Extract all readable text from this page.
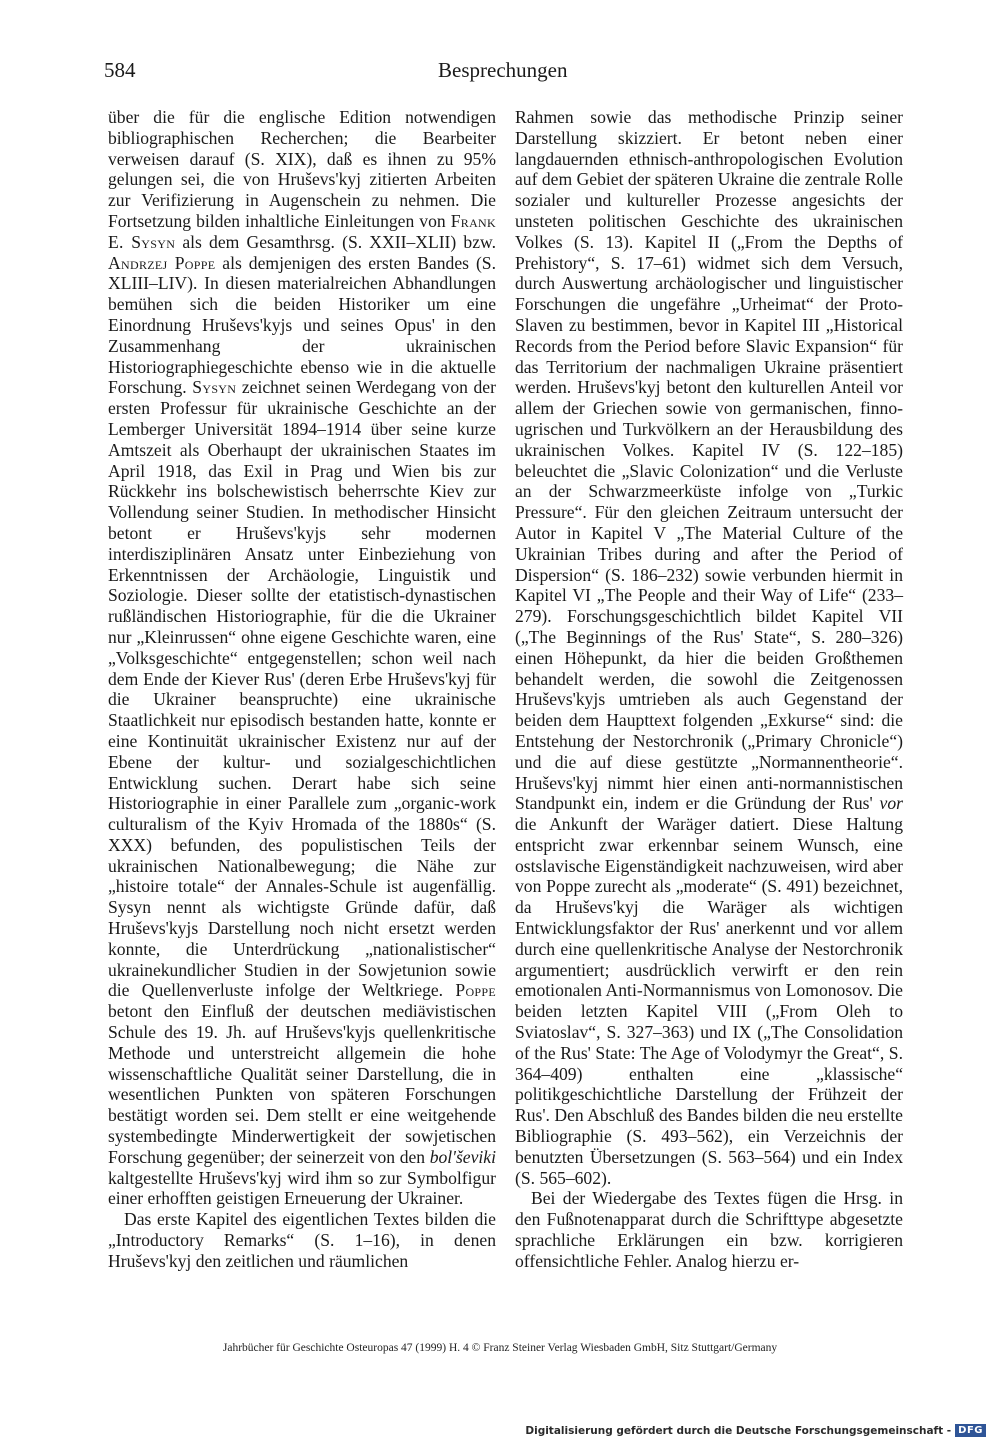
584	Besprechungen

über die für die englische Edition notwendigen bibliographischen Recherchen; die Bearbeiter verweisen darauf (S. XIX), daß es ihnen zu 95% gelungen sei, die von Hruševs'kyj zitierten Arbeiten zur Verifizierung in Augenschein zu nehmen. Die Fortsetzung bilden inhaltliche Einleitungen von Frank E. Sysyn als dem Gesamthrsg. (S. XXII–XLII) bzw. Andrzej Poppe als demjenigen des ersten Bandes (S. XLIII–LIV). In diesen materialreichen Abhandlungen bemühen sich die beiden Historiker um eine Einordnung Hruševs'kyjs und seines Opus' in den Zusammenhang der ukrainischen Historiographiegeschichte ebenso wie in die aktuelle Forschung. Sysyn zeichnet seinen Werdegang von der ersten Professur für ukrainische Geschichte an der Lemberger Universität 1894–1914 über seine kurze Amtszeit als Oberhaupt der ukrainischen Staates im April 1918, das Exil in Prag und Wien bis zur Rückkehr ins bolschewistisch beherrschte Kiev zur Vollendung seiner Studien. In methodischer Hinsicht betont er Hruševs'kyjs sehr modernen interdisziplinären Ansatz unter Einbeziehung von Erkenntnissen der Archäologie, Linguistik und Soziologie. Dieser sollte der etatistisch-dynastischen rußländischen Historiographie, für die die Ukrainer nur „Kleinrussen“ ohne eigene Geschichte waren, eine „Volksgeschichte“ entgegenstellen; schon weil nach dem Ende der Kiever Rus' (deren Erbe Hruševs'kyj für die Ukrainer beanspruchte) eine ukrainische Staatlichkeit nur episodisch bestanden hatte, konnte er eine Kontinuität ukrainischer Existenz nur auf der Ebene der kultur- und sozialgeschichtlichen Entwicklung suchen. Derart habe sich seine Historiographie in einer Parallele zum „organic-work culturalism of the Kyiv Hromada of the 1880s“ (S. XXX) befunden, des populistischen Teils der ukrainischen Nationalbewegung; die Nähe zur „histoire totale“ der Annales-Schule ist augenfällig. Sysyn nennt als wichtigste Gründe dafür, daß Hruševs'kyjs Darstellung noch nicht ersetzt werden konnte, die Unterdrückung „nationalistischer“ ukrainekundlicher Studien in der Sowjetunion sowie die Quellenverluste infolge der Weltkriege. Poppe betont den Einfluß der deutschen mediävistischen Schule des 19. Jh. auf Hruševs'kyjs quellenkritische Methode und unterstreicht allgemein die hohe wissenschaftliche Qualität seiner Darstellung, die in wesentlichen Punkten von späteren Forschungen bestätigt worden sei. Dem stellt er eine weitgehende systembedingte Minderwertigkeit der sowjetischen Forschung gegenüber; der seinerzeit von den bol'ševiki kaltgestellte Hruševs'kyj wird ihm so zur Symbolfigur einer erhofften geistigen Erneuerung der Ukrainer.

Das erste Kapitel des eigentlichen Textes bilden die „Introductory Remarks“ (S. 1–16), in denen Hruševs'kyj den zeitlichen und räumlichen

Rahmen sowie das methodische Prinzip seiner Darstellung skizziert. Er betont neben einer langdauernden ethnisch-anthropologischen Evolution auf dem Gebiet der späteren Ukraine die zentrale Rolle sozialer und kultureller Prozesse angesichts der unsteten politischen Geschichte des ukrainischen Volkes (S. 13). Kapitel II („From the Depths of Prehistory“, S. 17–61) widmet sich dem Versuch, durch Auswertung archäologischer und linguistischer Forschungen die ungefähre „Urheimat“ der Proto-Slaven zu bestimmen, bevor in Kapitel III „Historical Records from the Period before Slavic Expansion“ für das Territorium der nachmaligen Ukraine präsentiert werden. Hruševs'kyj betont den kulturellen Anteil vor allem der Griechen sowie von germanischen, finno-ugrischen und Turkvölkern an der Herausbildung des ukrainischen Volkes. Kapitel IV (S. 122–185) beleuchtet die „Slavic Colonization“ und die Verluste an der Schwarzmeerküste infolge von „Turkic Pressure“. Für den gleichen Zeitraum untersucht der Autor in Kapitel V „The Material Culture of the Ukrainian Tribes during and after the Period of Dispersion“ (S. 186–232) sowie verbunden hiermit in Kapitel VI „The People and their Way of Life“ (233–279). Forschungsgeschichtlich bildet Kapitel VII („The Beginnings of the Rus' State“, S. 280–326) einen Höhepunkt, da hier die beiden Großthemen behandelt werden, die sowohl die Zeitgenossen Hruševs'kyjs umtrieben als auch Gegenstand der beiden dem Haupttext folgenden „Exkurse“ sind: die Entstehung der Nestorchronik („Primary Chronicle“) und die auf diese gestützte „Normannentheorie“. Hruševs'kyj nimmt hier einen anti-normannistischen Standpunkt ein, indem er die Gründung der Rus' vor die Ankunft der Waräger datiert. Diese Haltung entspricht zwar erkennbar seinem Wunsch, eine ostslavische Eigenständigkeit nachzuweisen, wird aber von Poppe zurecht als „moderate“ (S. 491) bezeichnet, da Hruševs'kyj die Waräger als wichtigen Entwicklungsfaktor der Rus' anerkennt und vor allem durch eine quellenkritische Analyse der Nestorchronik argumentiert; ausdrücklich verwirft er den rein emotionalen Anti-Normannismus von Lomonosov. Die beiden letzten Kapitel VIII („From Oleh to Sviatoslav“, S. 327–363) und IX („The Consolidation of the Rus' State: The Age of Volodymyr the Great“, S. 364–409) enthalten eine „klassische“ politikgeschichtliche Darstellung der Frühzeit der Rus'. Den Abschluß des Bandes bilden die neu erstellte Bibliographie (S. 493–562), ein Verzeichnis der benutzten Übersetzungen (S. 563–564) und ein Index (S. 565–602).

Bei der Wiedergabe des Textes fügen die Hrsg. in den Fußnotenapparat durch die Schrifttype abgesetzte sprachliche Erklärungen ein bzw. korrigieren offensichtliche Fehler. Analog hierzu er-

Jahrbücher für Geschichte Osteuropas 47 (1999) H. 4 © Franz Steiner Verlag Wiesbaden GmbH, Sitz Stuttgart/Germany
Digitalisierung gefördert durch die Deutsche Forschungsgemeinschaft - DFG
